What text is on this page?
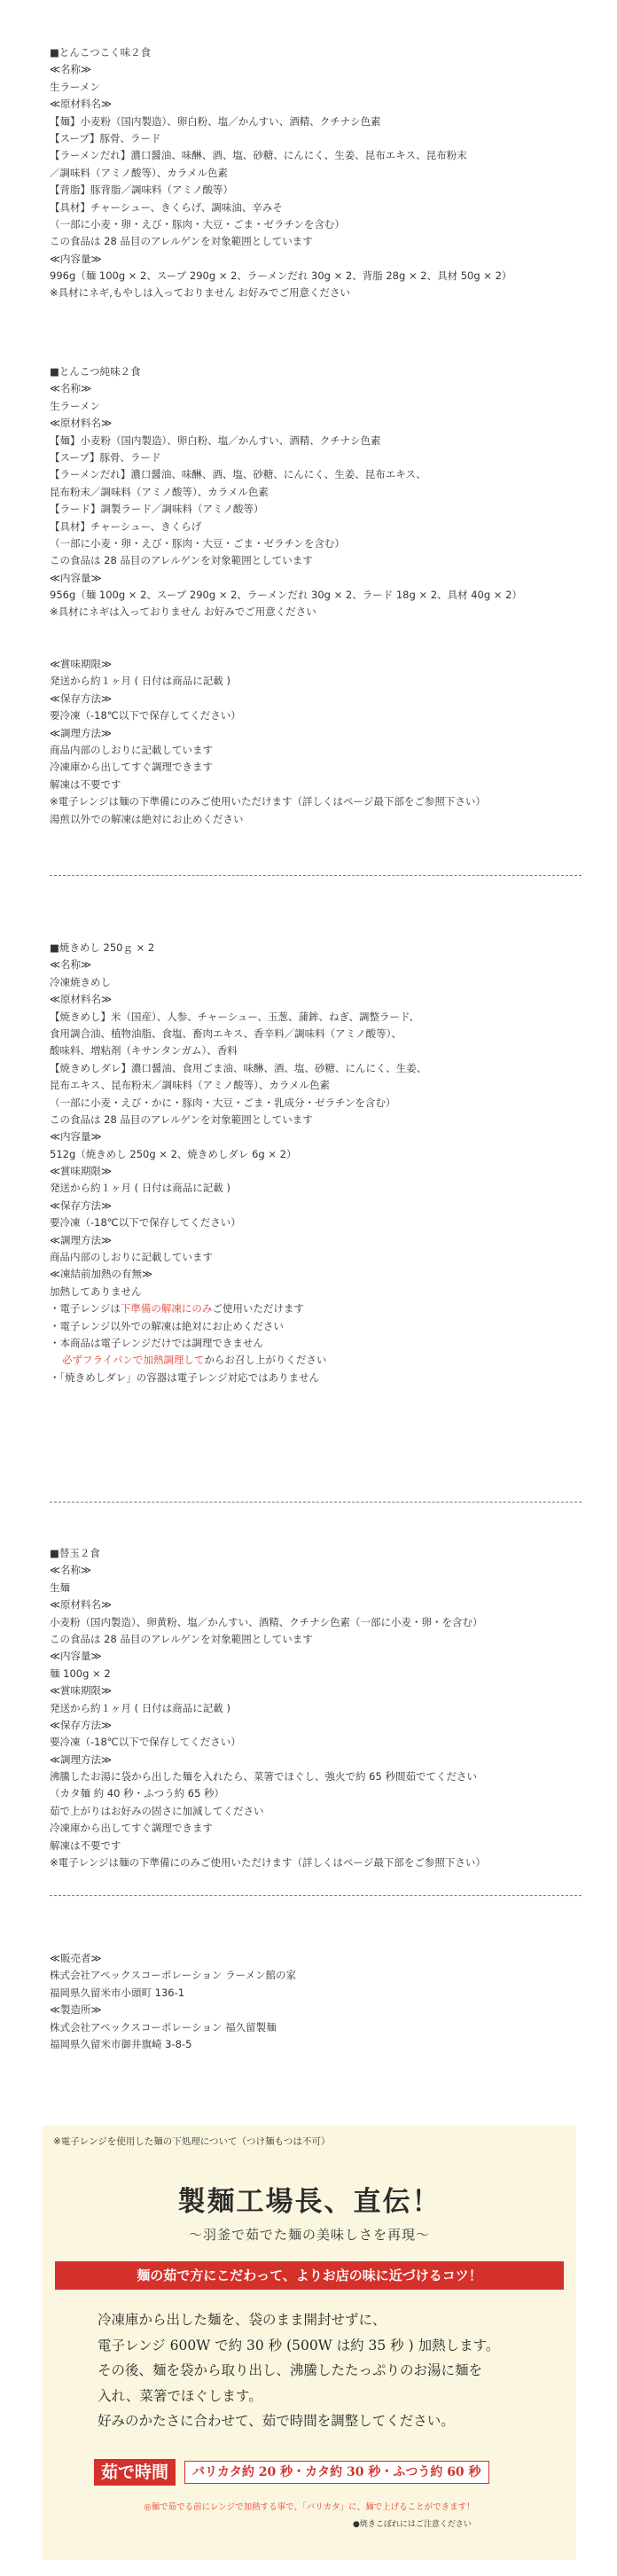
■とんこつこく味２食
≪名称≫
生ラーメン
≪原材料名≫
【麺】小麦粉（国内製造）、卵白粉、塩／かんすい、酒精、クチナシ色素
【スープ】豚骨、ラード
【ラーメンだれ】濃口醤油、味醂、酒、塩、砂糖、にんにく、生姜、昆布エキス、昆布粉末
／調味料（アミノ酸等）、カラメル色素
【背脂】豚背脂／調味料（アミノ酸等）
【具材】チャーシュー、きくらげ、調味油、辛みそ
（一部に小麦・卵・えび・豚肉・大豆・ごま・ゼラチンを含む）
この食品は 28 品目のアレルゲンを対象範囲としています
≪内容量≫
996g（麺 100g × 2、スープ 290g × 2、ラーメンだれ 30g × 2、背脂 28g × 2、具材 50g × 2）
※具材にネギ,もやしは入っておりません お好みでご用意ください
■とんこつ純味２食
≪名称≫
生ラーメン
≪原材料名≫
【麺】小麦粉（国内製造）、卵白粉、塩／かんすい、酒精、クチナシ色素
【スープ】豚骨、ラード
【ラーメンだれ】濃口醤油、味醂、酒、塩、砂糖、にんにく、生姜、昆布エキス、
昆布粉末／調味料（アミノ酸等）、カラメル色素
【ラード】調製ラード／調味料（アミノ酸等）
【具材】チャーシュー、きくらげ
（一部に小麦・卵・えび・豚肉・大豆・ごま・ゼラチンを含む）
この食品は 28 品目のアレルゲンを対象範囲としています
≪内容量≫
956g（麺 100g × 2、スープ 290g × 2、ラーメンだれ 30g × 2、ラード 18g × 2、具材 40g × 2）
※具材にネギは入っておりません お好みでご用意ください
≪賞味期限≫
発送から約１ヶ月 ( 日付は商品に記載 )
≪保存方法≫
要冷凍（-18℃以下で保存してください）
≪調理方法≫
商品内部のしおりに記載しています
冷凍庫から出してすぐ調理できます
解凍は不要です
※電子レンジは麺の下準備にのみご使用いただけます（詳しくはページ最下部をご参照下さい）
湯煎以外での解凍は絶対にお止めください
■焼きめし 250ｇ × 2
≪名称≫
冷凍焼きめし
≪原材料名≫
【焼きめし】米（国産）、人参、チャーシュー、玉葱、蒲鉾、ねぎ、調整ラード、
食用調合油、植物油脂、食塩、畜肉エキス、香辛料／調味料（アミノ酸等）、
酸味料、増粘剤（キサンタンガム）、香料
【焼きめしダレ】濃口醤油、食用ごま油、味醂、酒、塩、砂糖、にんにく、生姜、
昆布エキス、昆布粉末／調味料（アミノ酸等）、カラメル色素
（一部に小麦・えび・かに・豚肉・大豆・ごま・乳成分・ゼラチンを含む）
この食品は 28 品目のアレルゲンを対象範囲としています
≪内容量≫
512g（焼きめし 250g × 2、焼きめしダレ 6g × 2）
≪賞味期限≫
発送から約１ヶ月 ( 日付は商品に記載 )
≪保存方法≫
要冷凍（-18℃以下で保存してください）
≪調理方法≫
商品内部のしおりに記載しています
≪凍結前加熱の有無≫
加熱してありません
・電子レンジは下準備の解凍にのみご使用いただけます
・電子レンジ以外での解凍は絶対にお止めください
・本商品は電子レンジだけでは調理できません
必ずフライパンで加熱調理してからお召し上がりください
・「焼きめしダレ」の容器は電子レンジ対応ではありません
■替玉２食
≪名称≫
生麺
≪原材料名≫
小麦粉（国内製造）、卵黄粉、塩／かんすい、酒精、クチナシ色素（一部に小麦・卵・を含む）
この食品は 28 品目のアレルゲンを対象範囲としています
≪内容量≫
麺 100g × 2
≪賞味期限≫
発送から約１ヶ月 ( 日付は商品に記載 )
≪保存方法≫
要冷凍（-18℃以下で保存してください）
≪調理方法≫
沸騰したお湯に袋から出した麺を入れたら、菜箸でほぐし、強火で約 65 秒間茹でてください
（カタ麺 約 40 秒・ふつう約 65 秒）
茹で上がりはお好みの固さに加減してください
冷凍庫から出してすぐ調理できます
解凍は不要です
※電子レンジは麺の下準備にのみご使用いただけます（詳しくはページ最下部をご参照下さい）
≪販売者≫
株式会社アペックスコーポレーション ラーメン館の家
福岡県久留米市小頭町 136-1
≪製造所≫
株式会社アペックスコーポレーション 福久留製麺
福岡県久留米市御井旗崎 3-8-5
※電子レンジを使用した麺の下処理について（つけ麺もつは不可）
製麺工場長、直伝！
〜羽釜で茹でた麺の美味しさを再現〜
麺の茹で方にこだわって、よりお店の味に近づけるコツ！
冷凍庫から出した麺を、袋のまま開封せずに、
電子レンジ 600W で約 30 秒 (500W は約 35 秒 ) 加熱します。
その後、麺を袋から取り出し、沸騰したたっぷりのお湯に麺を
入れ、菜箸でほぐします。
好みのかたさに合わせて、茹で時間を調整してください。
茹で時間	バリカタ約 20 秒・カタ約 30 秒・ふつう約 60 秒
◎麺で茹でる前にレンジで加熱する事で、「バリカタ」に、麺で上げることができます！
●焼きこぼれにはご注意ください
